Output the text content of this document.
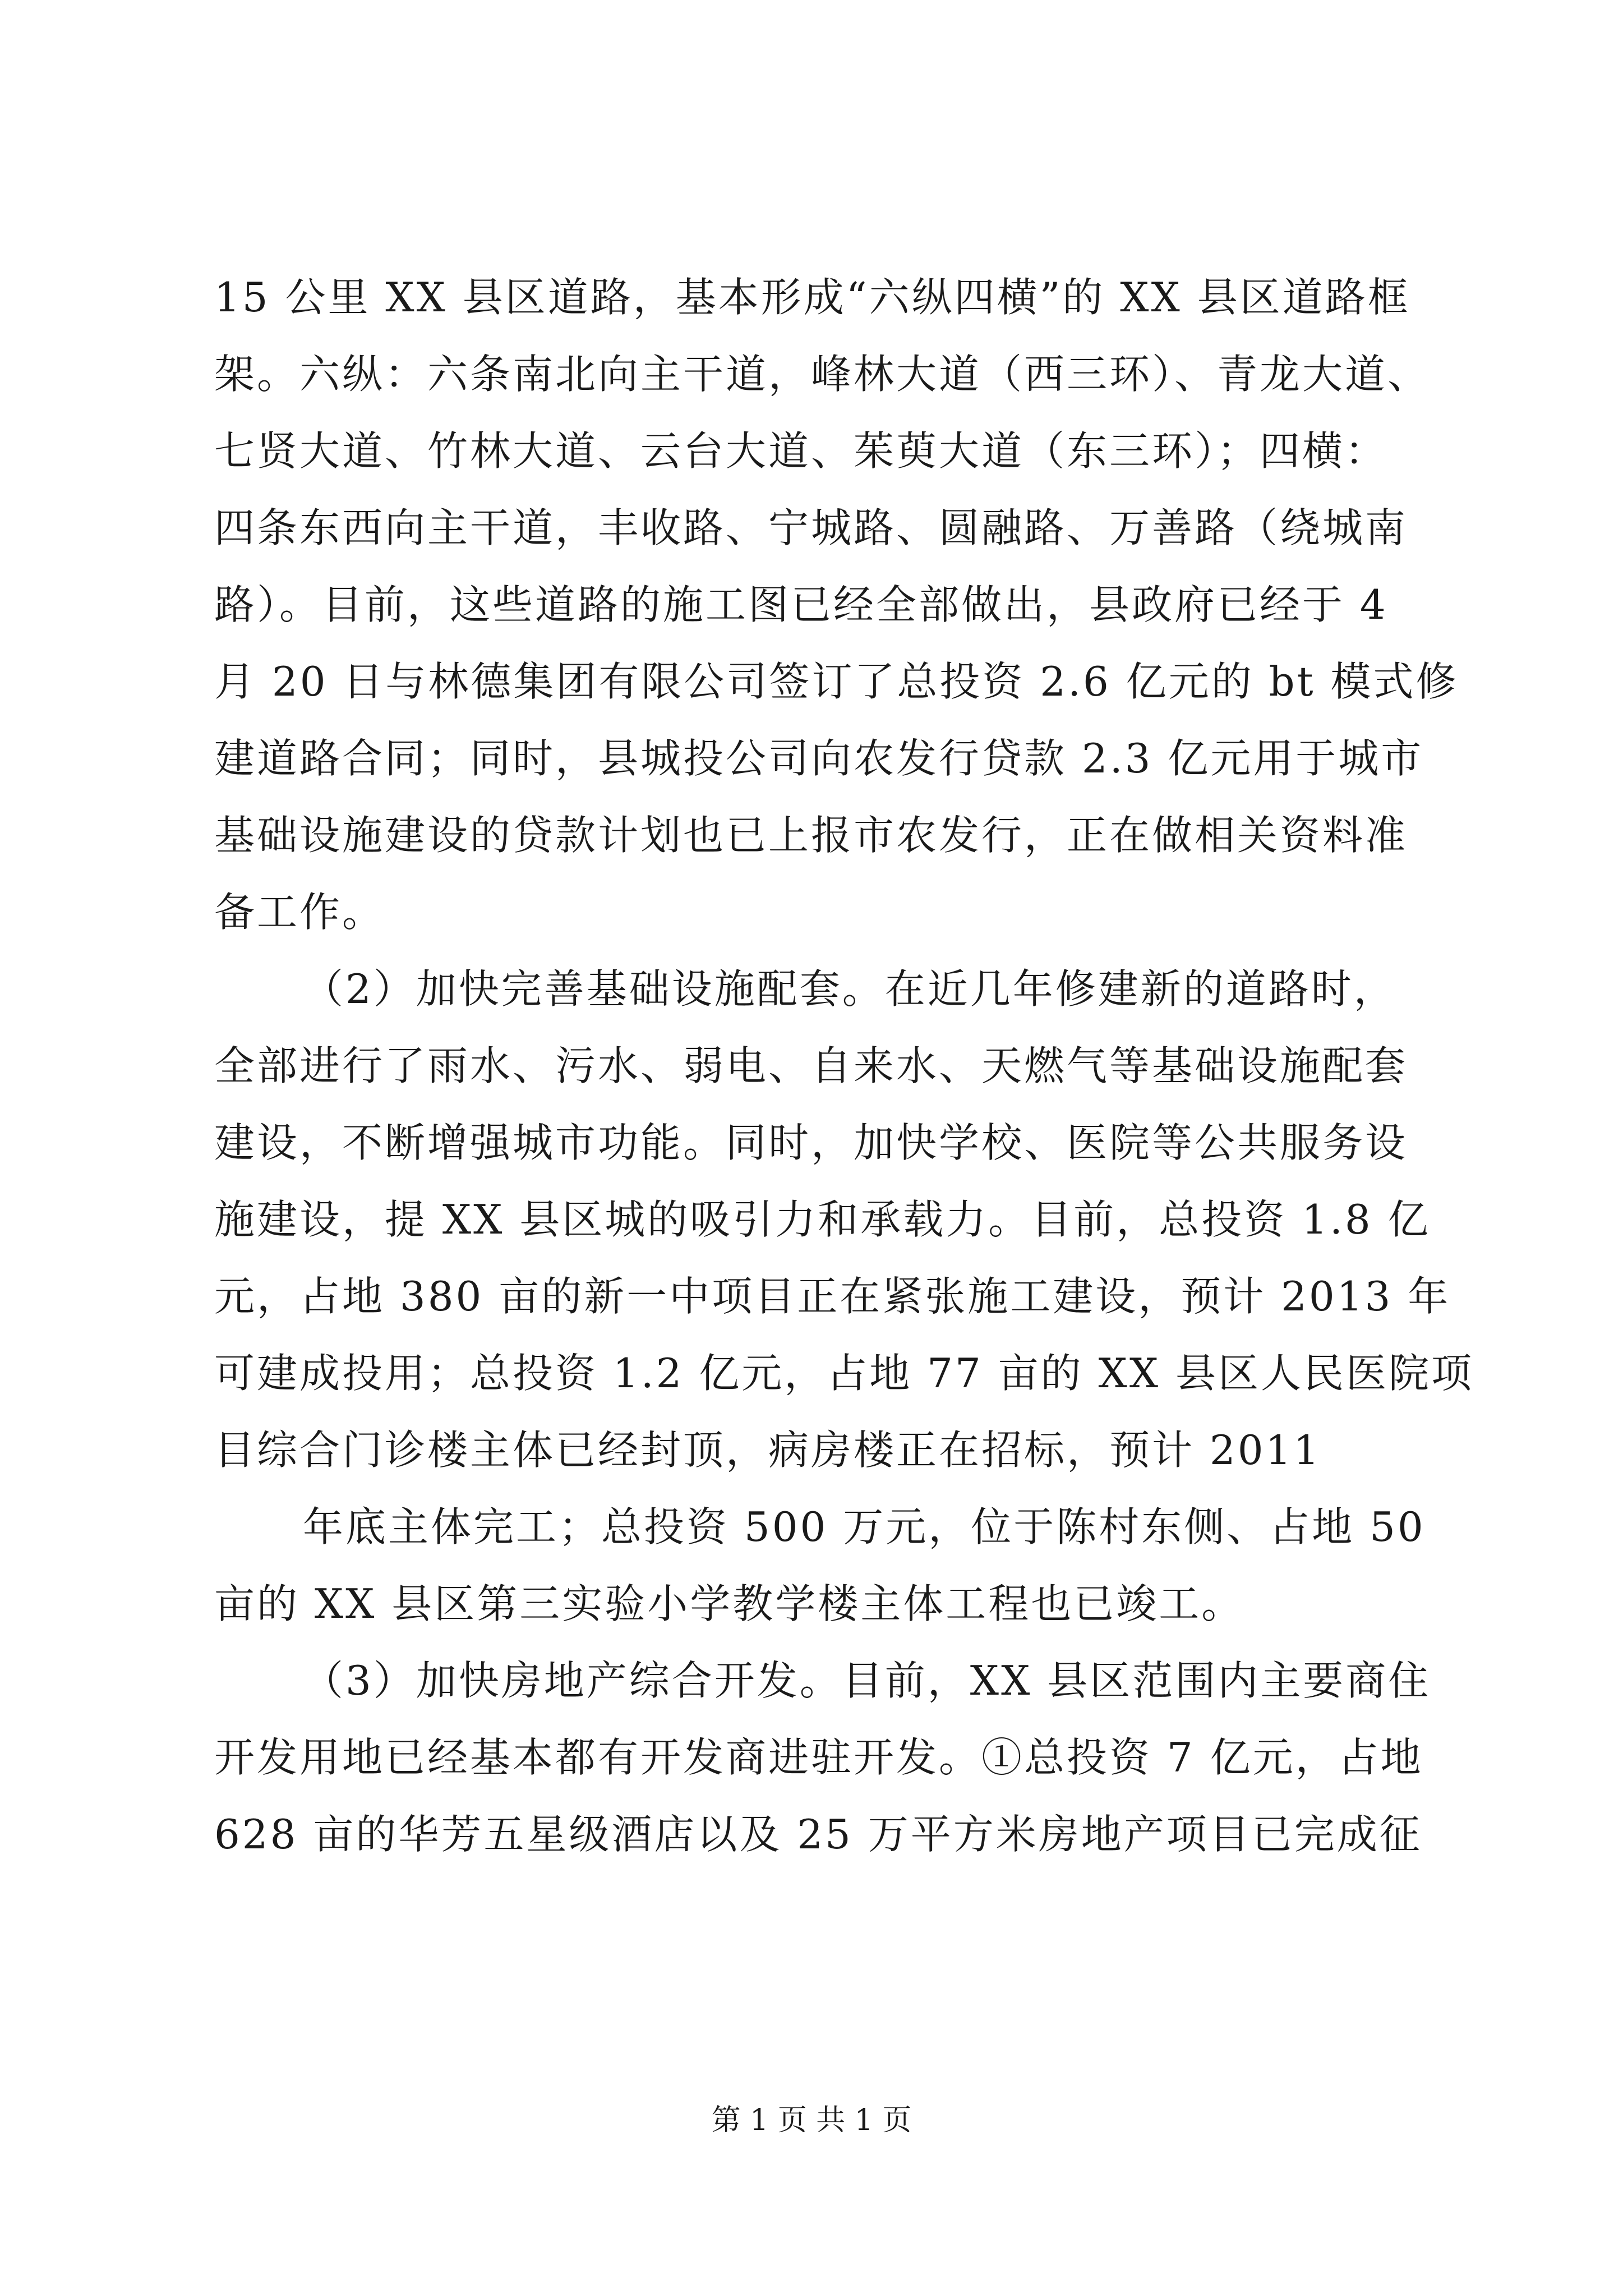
15 公里 XX 县区道路，基本形成“六纵四横”的 XX 县区道路框
架。六纵：六条南北向主干道，峰林大道（西三环）、青龙大道、
七贤大道、竹林大道、云台大道、茱萸大道（东三环）；四横：
四条东西向主干道，丰收路、宁城路、圆融路、万善路（绕城南
路）。目前，这些道路的施工图已经全部做出，县政府已经于 4
月 20 日与林德集团有限公司签订了总投资 2.6 亿元的 bt 模式修
建道路合同；同时，县城投公司向农发行贷款 2.3 亿元用于城市
基础设施建设的贷款计划也已上报市农发行，正在做相关资料准
备工作。
（2）加快完善基础设施配套。在近几年修建新的道路时，
全部进行了雨水、污水、弱电、自来水、天燃气等基础设施配套
建设，不断增强城市功能。同时，加快学校、医院等公共服务设
施建设，提 XX 县区城的吸引力和承载力。目前，总投资 1.8 亿
元，占地 380 亩的新一中项目正在紧张施工建设，预计 2013 年
可建成投用；总投资 1.2 亿元，占地 77 亩的 XX 县区人民医院项
目综合门诊楼主体已经封顶，病房楼正在招标，预计 2011
年底主体完工；总投资 500 万元，位于陈村东侧、占地 50
亩的 XX 县区第三实验小学教学楼主体工程也已竣工。
（3）加快房地产综合开发。目前，XX 县区范围内主要商住
开发用地已经基本都有开发商进驻开发。①总投资 7 亿元，占地
628 亩的华芳五星级酒店以及 25 万平方米房地产项目已完成征
第 1 页 共 1 页
